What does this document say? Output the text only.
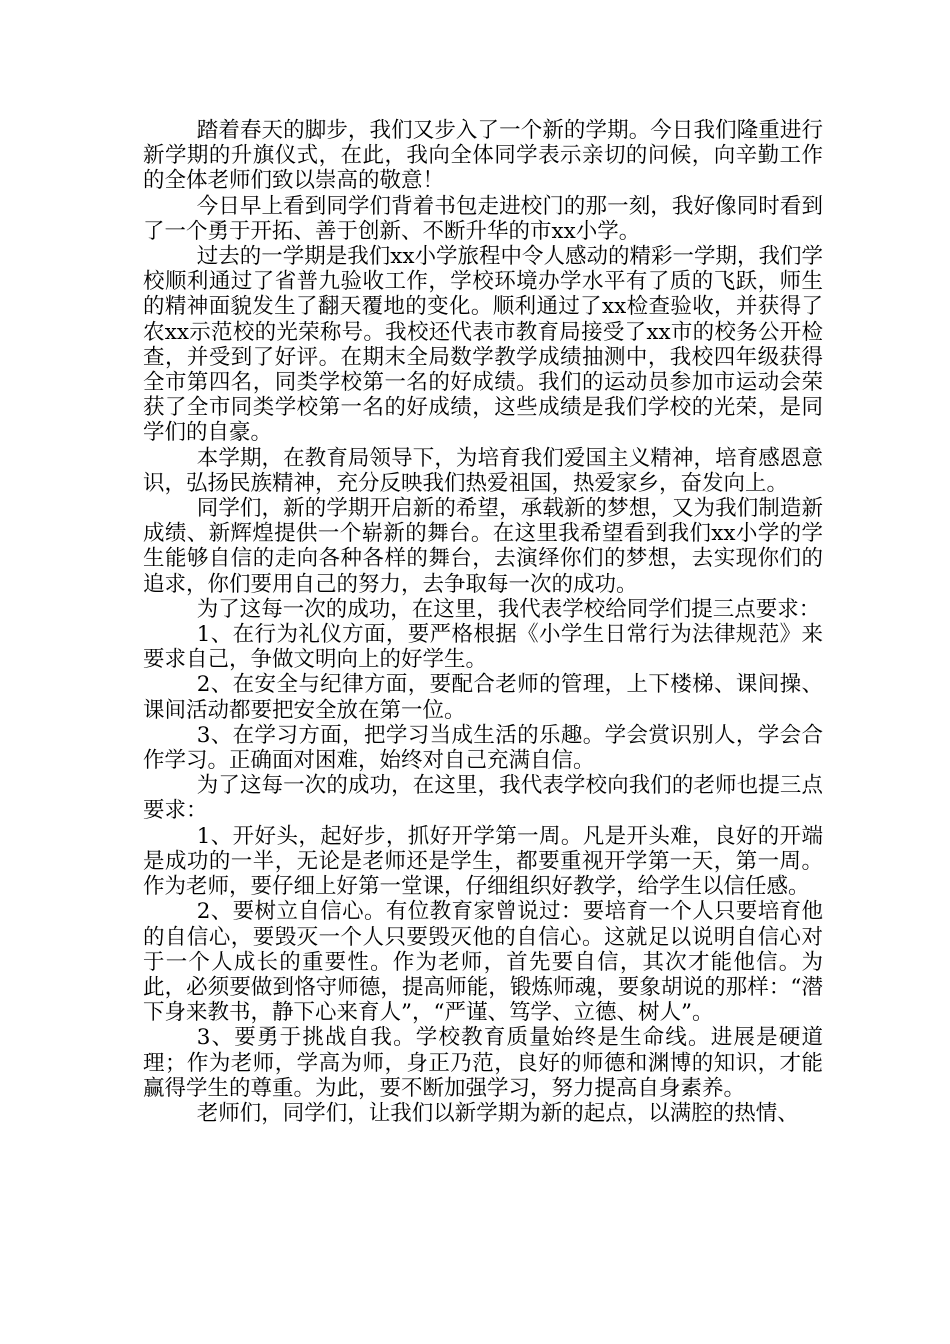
踏着春天的脚步，我们又步入了一个新的学期。今日我们隆重进行新学期的升旗仪式，在此，我向全体同学表示亲切的问候，向辛勤工作的全体老师们致以崇高的敬意！

今日早上看到同学们背着书包走进校门的那一刻，我好像同时看到了一个勇于开拓、善于创新、不断升华的市xx小学。

过去的一学期是我们xx小学旅程中令人感动的精彩一学期，我们学校顺利通过了省普九验收工作，学校环境办学水平有了质的飞跃，师生的精神面貌发生了翻天覆地的变化。顺利通过了xx检查验收，并获得了农xx示范校的光荣称号。我校还代表市教育局接受了xx市的校务公开检查，并受到了好评。在期末全局数学教学成绩抽测中，我校四年级获得全市第四名，同类学校第一名的好成绩。我们的运动员参加市运动会荣获了全市同类学校第一名的好成绩，这些成绩是我们学校的光荣，是同学们的自豪。

本学期，在教育局领导下，为培育我们爱国主义精神，培育感恩意识，弘扬民族精神，充分反映我们热爱祖国，热爱家乡，奋发向上。

同学们，新的学期开启新的希望，承载新的梦想，又为我们制造新成绩、新辉煌提供一个崭新的舞台。在这里我希望看到我们xx小学的学生能够自信的走向各种各样的舞台，去演绎你们的梦想，去实现你们的追求，你们要用自己的努力，去争取每一次的成功。

为了这每一次的成功，在这里，我代表学校给同学们提三点要求：

1、在行为礼仪方面，要严格根据《小学生日常行为法律规范》来要求自己，争做文明向上的好学生。

2、在安全与纪律方面，要配合老师的管理，上下楼梯、课间操、课间活动都要把安全放在第一位。

3、在学习方面，把学习当成生活的乐趣。学会赏识别人，学会合作学习。正确面对困难，始终对自己充满自信。

为了这每一次的成功，在这里，我代表学校向我们的老师也提三点要求：

1、开好头，起好步，抓好开学第一周。凡是开头难，良好的开端是成功的一半，无论是老师还是学生，都要重视开学第一天，第一周。作为老师，要仔细上好第一堂课，仔细组织好教学，给学生以信任感。

2、要树立自信心。有位教育家曾说过：要培育一个人只要培育他的自信心，要毁灭一个人只要毁灭他的自信心。这就足以说明自信心对于一个人成长的重要性。作为老师，首先要自信，其次才能他信。为此，必须要做到恪守师德，提高师能，锻炼师魂，要象胡说的那样：“潜下身来教书，静下心来育人”，“严谨、笃学、立德、树人”。

3、要勇于挑战自我。学校教育质量始终是生命线。进展是硬道理；作为老师，学高为师，身正乃范，良好的师德和渊博的知识，才能赢得学生的尊重。为此，要不断加强学习，努力提高自身素养。

老师们，同学们，让我们以新学期为新的起点，以满腔的热情、
